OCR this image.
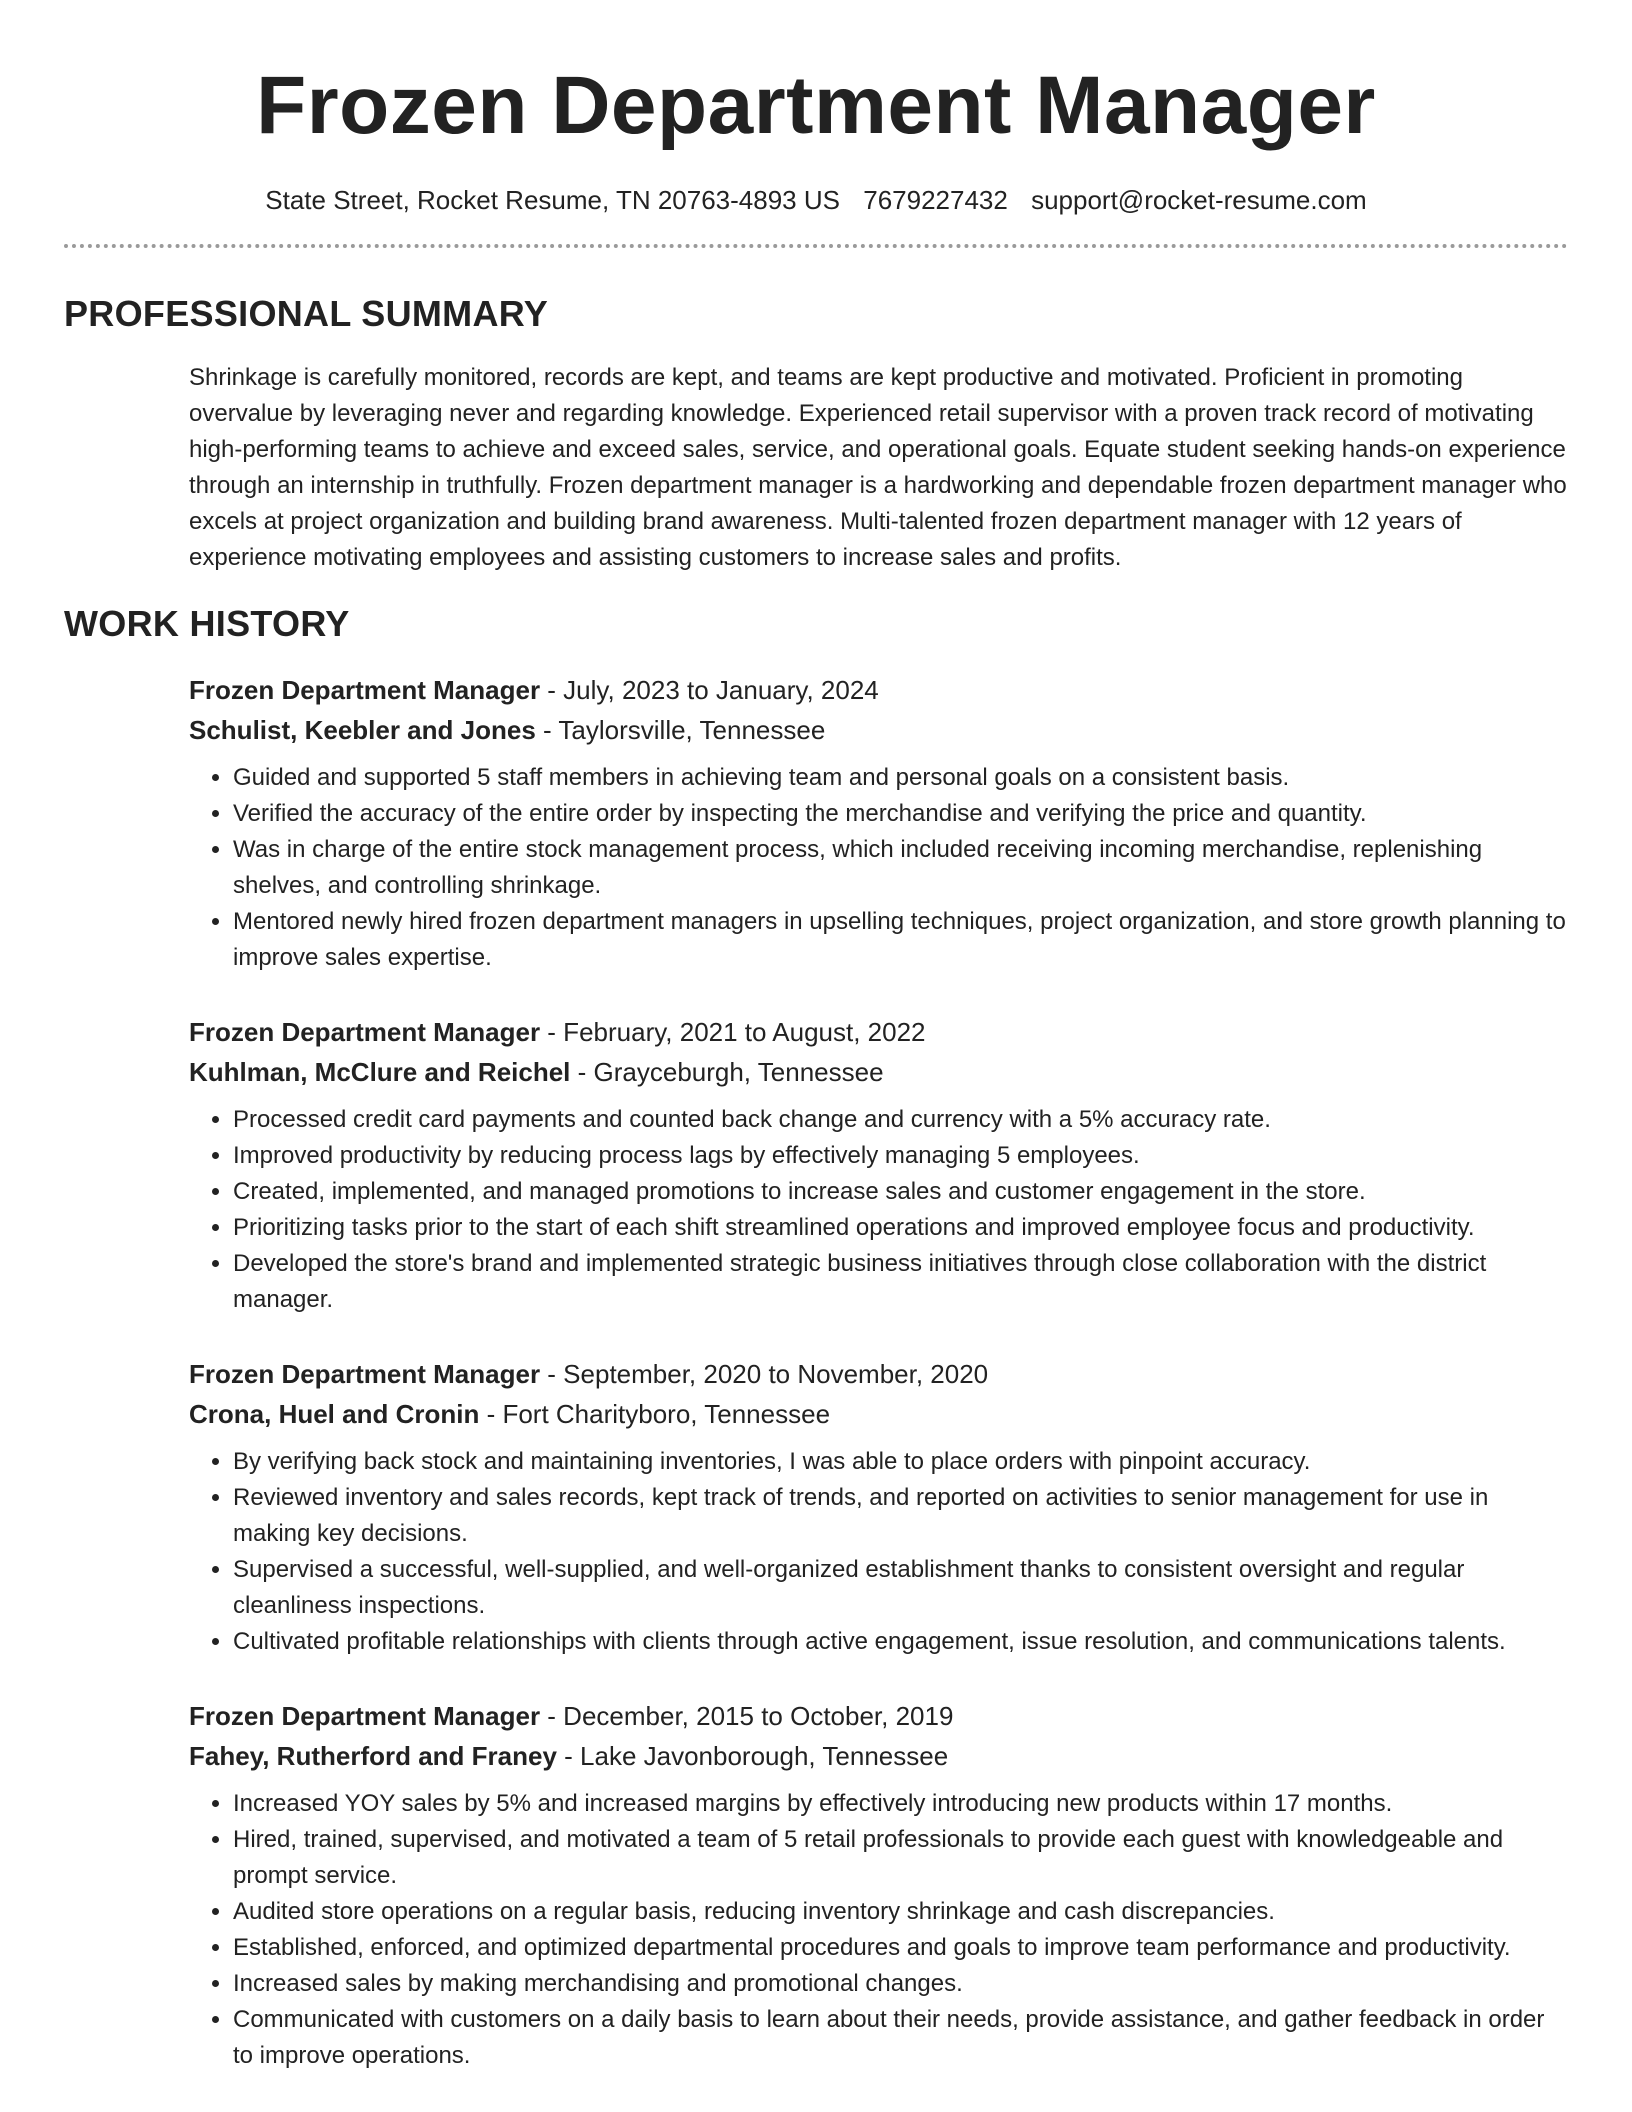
Frozen Department Manager
State Street, Rocket Resume, TN 20763-4893 US 7679227432 support@rocket-resume.com
PROFESSIONAL SUMMARY

Shrinkage is carefully monitored, records are kept, and teams are kept productive and motivated. Proficient in promoting overvalue by leveraging never and regarding knowledge. Experienced retail supervisor with a proven track record of motivating high-performing teams to achieve and exceed sales, service, and operational goals. Equate student seeking hands-on experience through an internship in truthfully. Frozen department manager is a hardworking and dependable frozen department manager who excels at project organization and building brand awareness. Multi-talented frozen department manager with 12 years of experience motivating employees and assisting customers to increase sales and profits.

WORK HISTORY
Frozen Department Manager - July, 2023 to January, 2024
Schulist, Keebler and Jones - Taylorsville, Tennessee
• Guided and supported 5 staff members in achieving team and personal goals on a consistent basis.
• Verified the accuracy of the entire order by inspecting the merchandise and verifying the price and quantity.
• Was in charge of the entire stock management process, which included receiving incoming merchandise, replenishing shelves, and controlling shrinkage.
• Mentored newly hired frozen department managers in upselling techniques, project organization, and store growth planning to improve sales expertise.
Frozen Department Manager - February, 2021 to August, 2022
Kuhlman, McClure and Reichel - Grayceburgh, Tennessee
• Processed credit card payments and counted back change and currency with a 5% accuracy rate.
• Improved productivity by reducing process lags by effectively managing 5 employees.
• Created, implemented, and managed promotions to increase sales and customer engagement in the store.
• Prioritizing tasks prior to the start of each shift streamlined operations and improved employee focus and productivity.
• Developed the store's brand and implemented strategic business initiatives through close collaboration with the district manager.
Frozen Department Manager - September, 2020 to November, 2020
Crona, Huel and Cronin - Fort Charityboro, Tennessee
• By verifying back stock and maintaining inventories, I was able to place orders with pinpoint accuracy.
• Reviewed inventory and sales records, kept track of trends, and reported on activities to senior management for use in making key decisions.
• Supervised a successful, well-supplied, and well-organized establishment thanks to consistent oversight and regular cleanliness inspections.
• Cultivated profitable relationships with clients through active engagement, issue resolution, and communications talents.
Frozen Department Manager - December, 2015 to October, 2019
Fahey, Rutherford and Franey - Lake Javonborough, Tennessee
• Increased YOY sales by 5% and increased margins by effectively introducing new products within 17 months.
• Hired, trained, supervised, and motivated a team of 5 retail professionals to provide each guest with knowledgeable and prompt service.
• Audited store operations on a regular basis, reducing inventory shrinkage and cash discrepancies.
• Established, enforced, and optimized departmental procedures and goals to improve team performance and productivity.
• Increased sales by making merchandising and promotional changes.
• Communicated with customers on a daily basis to learn about their needs, provide assistance, and gather feedback in order to improve operations.
